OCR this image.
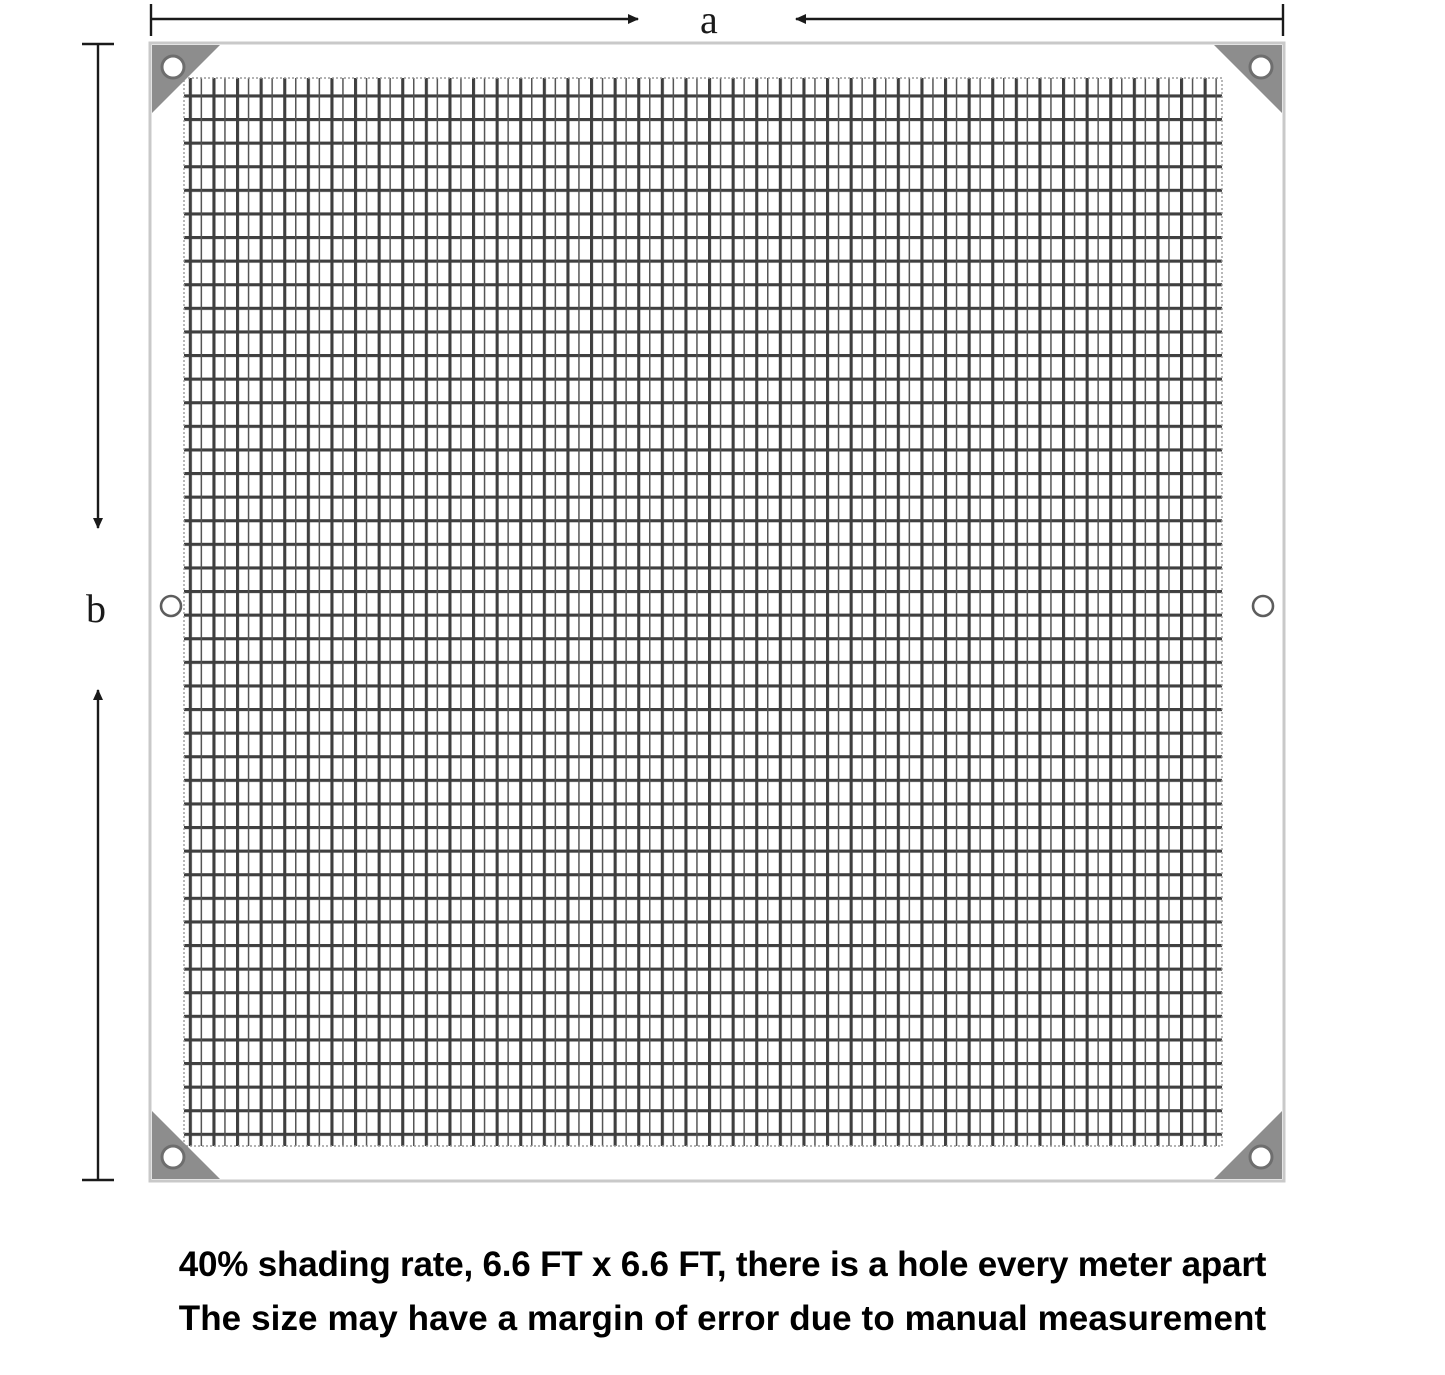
a
b
40% shading rate, 6.6 FT x 6.6 FT, there is a hole every meter apart
The size may have a margin of error due to manual measurement
